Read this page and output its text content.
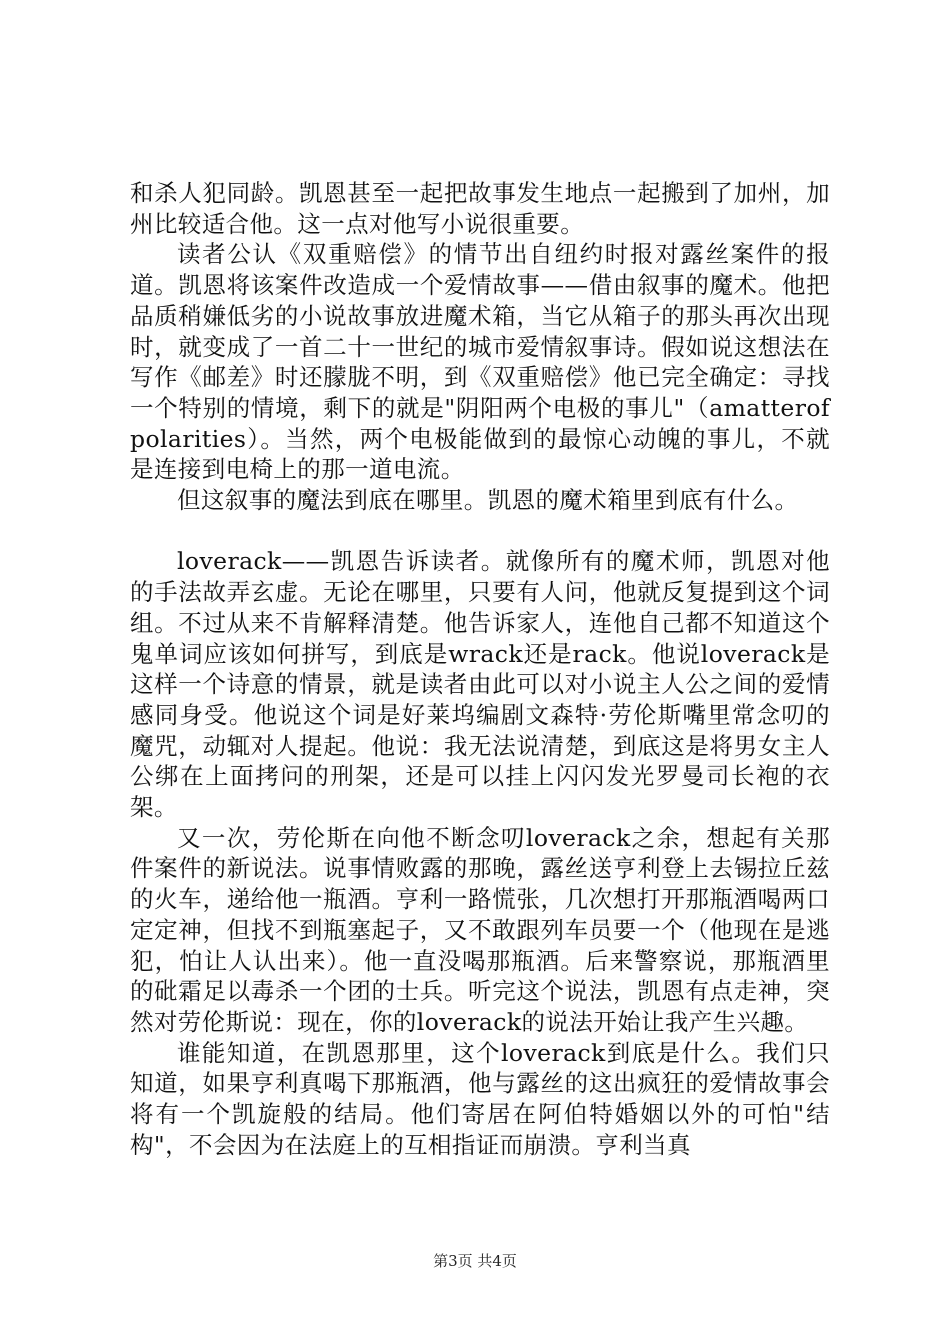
和杀人犯同龄。凯恩甚至一起把故事发生地点一起搬到了加州，加州比较适合他。这一点对他写小说很重要。

读者公认《双重赔偿》的情节出自纽约时报对露丝案件的报道。凯恩将该案件改造成一个爱情故事——借由叙事的魔术。他把品质稍嫌低劣的小说故事放进魔术箱，当它从箱子的那头再次出现时，就变成了一首二十一世纪的城市爱情叙事诗。假如说这想法在写作《邮差》时还朦胧不明，到《双重赔偿》他已完全确定：寻找一个特别的情境，剩下的就是"阴阳两个电极的事儿"（amatterofpolarities）。当然，两个电极能做到的最惊心动魄的事儿，不就是连接到电椅上的那一道电流。

但这叙事的魔法到底在哪里。凯恩的魔术箱里到底有什么。

loverack——凯恩告诉读者。就像所有的魔术师，凯恩对他的手法故弄玄虚。无论在哪里，只要有人问，他就反复提到这个词组。不过从来不肯解释清楚。他告诉家人，连他自己都不知道这个鬼单词应该如何拼写，到底是wrack还是rack。他说loverack是这样一个诗意的情景，就是读者由此可以对小说主人公之间的爱情感同身受。他说这个词是好莱坞编剧文森特·劳伦斯嘴里常念叨的魔咒，动辄对人提起。他说：我无法说清楚，到底这是将男女主人公绑在上面拷问的刑架，还是可以挂上闪闪发光罗曼司长袍的衣架。

又一次，劳伦斯在向他不断念叨loverack之余，想起有关那件案件的新说法。说事情败露的那晚，露丝送亨利登上去锡拉丘兹的火车，递给他一瓶酒。亨利一路慌张，几次想打开那瓶酒喝两口定定神，但找不到瓶塞起子，又不敢跟列车员要一个（他现在是逃犯，怕让人认出来）。他一直没喝那瓶酒。后来警察说，那瓶酒里的砒霜足以毒杀一个团的士兵。听完这个说法，凯恩有点走神，突然对劳伦斯说：现在，你的loverack的说法开始让我产生兴趣。

谁能知道，在凯恩那里，这个loverack到底是什么。我们只知道，如果亨利真喝下那瓶酒，他与露丝的这出疯狂的爱情故事会将有一个凯旋般的结局。他们寄居在阿伯特婚姻以外的可怕"结构"，不会因为在法庭上的互相指证而崩溃。亨利当真

第3页 共4页
